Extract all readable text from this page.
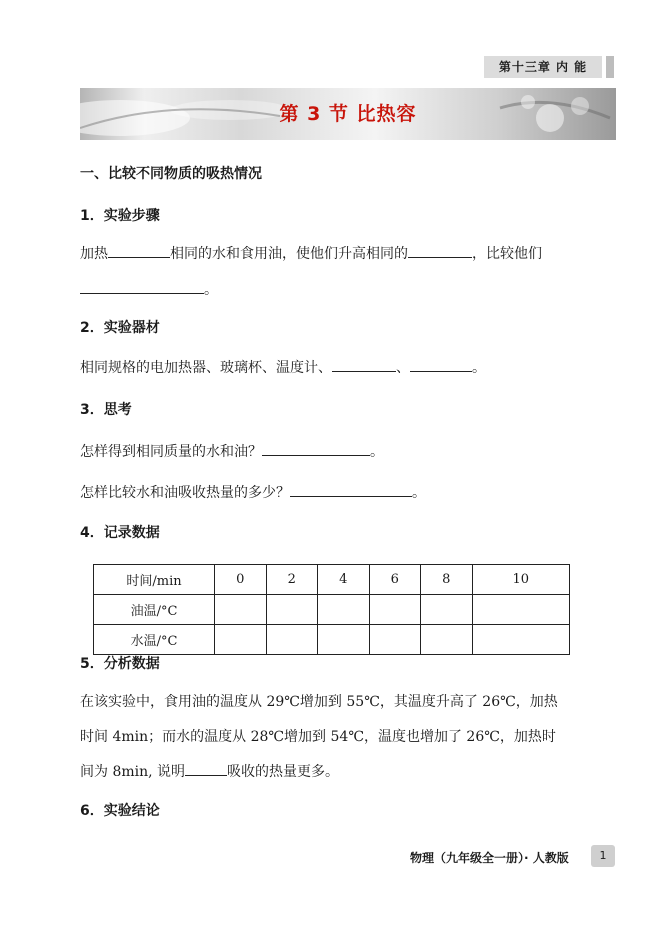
第十三章 内 能
第 3 节 比热容
一、比较不同物质的吸热情况
1．实验步骤
加热	相同的水和食用油，使他们升高相同的	，比较他们
。
2．实验器材
相同规格的电加热器、玻璃杯、温度计、	、	。
3．思考
怎样得到相同质量的水和油？	。
怎样比较水和油吸收热量的多少？	。
4．记录数据
时间/min	0	2	4	6	8	10
油温/°C						
水温/°C						
5．分析数据
在该实验中，食用油的温度从 29℃增加到 55℃，其温度升高了 26℃，加热
时间 4min；而水的温度从 28℃增加到 54℃，温度也增加了 26℃，加热时
间为 8min, 说明	吸收的热量更多。
6．实验结论
物理（九年级全一册）· 人教版	1
